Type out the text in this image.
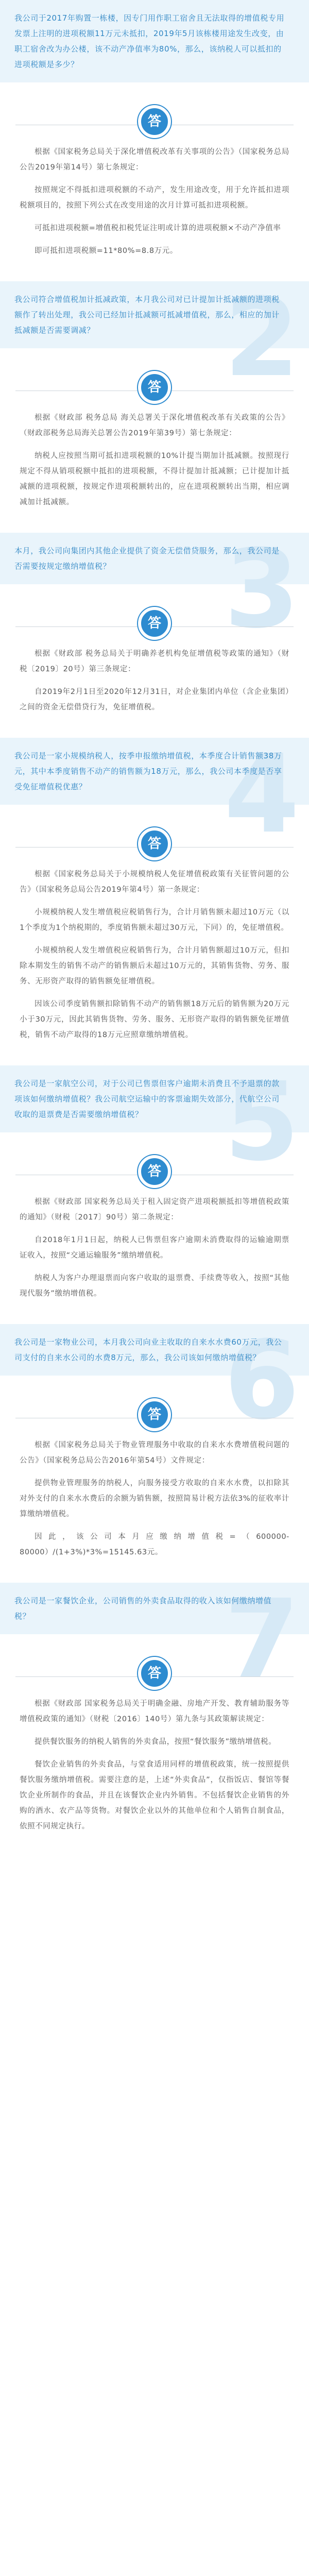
我公司于2017年购置一栋楼，因专门用作职工宿舍且无法取得的增值税专用发票上注明的进项税额11万元未抵扣，2019年5月该栋楼用途发生改变，由职工宿舍改为办公楼，该不动产净值率为80%，那么，该纳税人可以抵扣的进项税额是多少？

答

根据《国家税务总局关于深化增值税改革有关事项的公告》（国家税务总局公告2019年第14号）第七条规定：

按照规定不得抵扣进项税额的不动产，发生用途改变，用于允许抵扣进项税额项目的，按照下列公式在改变用途的次月计算可抵扣进项税额。

可抵扣进项税额=增值税扣税凭证注明或计算的进项税额×不动产净值率

即可抵扣进项税额=11*80%=8.8万元。

2

我公司符合增值税加计抵减政策，本月我公司对已计提加计抵减额的进项税额作了转出处理，我公司已经加计抵减额可抵减增值税，那么，相应的加计抵减额是否需要调减？

答

根据《财政部 税务总局 海关总署关于深化增值税改革有关政策的公告》（财政部税务总局海关总署公告2019年第39号）第七条规定：

纳税人应按照当期可抵扣进项税额的10%计提当期加计抵减额。按照现行规定不得从销项税额中抵扣的进项税额，不得计提加计抵减额；已计提加计抵减额的进项税额，按规定作进项税额转出的，应在进项税额转出当期，相应调减加计抵减额。

3

本月，我公司向集团内其他企业提供了资金无偿借贷服务，那么，我公司是否需要按规定缴纳增值税？

答

根据《财政部 税务总局关于明确养老机构免征增值税等政策的通知》（财税〔2019〕20号）第三条规定：

自2019年2月1日至2020年12月31日，对企业集团内单位（含企业集团）之间的资金无偿借贷行为，免征增值税。

4

我公司是一家小规模纳税人，按季申报缴纳增值税，本季度合计销售额38万元，其中本季度销售不动产的销售额为18万元，那么，我公司本季度是否享受免征增值税优惠？

答

根据《国家税务总局关于小规模纳税人免征增值税政策有关征管问题的公告》（国家税务总局公告2019年第4号）第一条规定：

小规模纳税人发生增值税应税销售行为，合计月销售额未超过10万元（以1个季度为1个纳税期的，季度销售额未超过30万元，下同）的，免征增值税。

小规模纳税人发生增值税应税销售行为，合计月销售额超过10万元，但扣除本期发生的销售不动产的销售额后未超过10万元的，其销售货物、劳务、服务、无形资产取得的销售额免征增值税。

因该公司季度销售额扣除销售不动产的销售额18万元后的销售额为20万元小于30万元，因此其销售货物、劳务、服务、无形资产取得的销售额免征增值税，销售不动产取得的18万元应照章缴纳增值税。

5

我公司是一家航空公司，对于公司已售票但客户逾期未消费且不予退票的款项该如何缴纳增值税？我公司航空运输中的客票逾期失效部分，代航空公司收取的退票费是否需要缴纳增值税？

答

根据《财政部 国家税务总局关于租入固定资产进项税额抵扣等增值税政策的通知》（财税〔2017〕90号）第二条规定：

自2018年1月1日起，纳税人已售票但客户逾期未消费取得的运输逾期票证收入，按照“交通运输服务”缴纳增值税。

纳税人为客户办理退票而向客户收取的退票费、手续费等收入，按照“其他现代服务”缴纳增值税。

6

我公司是一家物业公司，本月我公司向业主收取的自来水水费60万元，我公司支付的自来水公司的水费8万元，那么，我公司该如何缴纳增值税？

答

根据《国家税务总局关于物业管理服务中收取的自来水水费增值税问题的公告》（国家税务总局公告2016年第54号）文件规定：

提供物业管理服务的纳税人，向服务接受方收取的自来水水费，以扣除其对外支付的自来水水费后的余额为销售额，按照简易计税方法依3%的征收率计算缴纳增值税。

因此，该公司本月应缴纳增值税=（600000-80000）/(1+3%)*3%=15145.63元。

7

我公司是一家餐饮企业，公司销售的外卖食品取得的收入该如何缴纳增值税？

答

根据《财政部 国家税务总局关于明确金融、房地产开发、教育辅助服务等增值税政策的通知》（财税〔2016〕140号）第九条与其政策解读规定：

提供餐饮服务的纳税人销售的外卖食品，按照“餐饮服务”缴纳增值税。

餐饮企业销售的外卖食品，与堂食适用同样的增值税政策，统一按照提供餐饮服务缴纳增值税。需要注意的是，上述“外卖食品”，仅指饭店、餐馆等餐饮企业所制作的食品，并且在该餐饮企业内外销售。不包括餐饮企业销售的外购的酒水、农产品等货物。对餐饮企业以外的其他单位和个人销售自制食品，依照不同规定执行。
